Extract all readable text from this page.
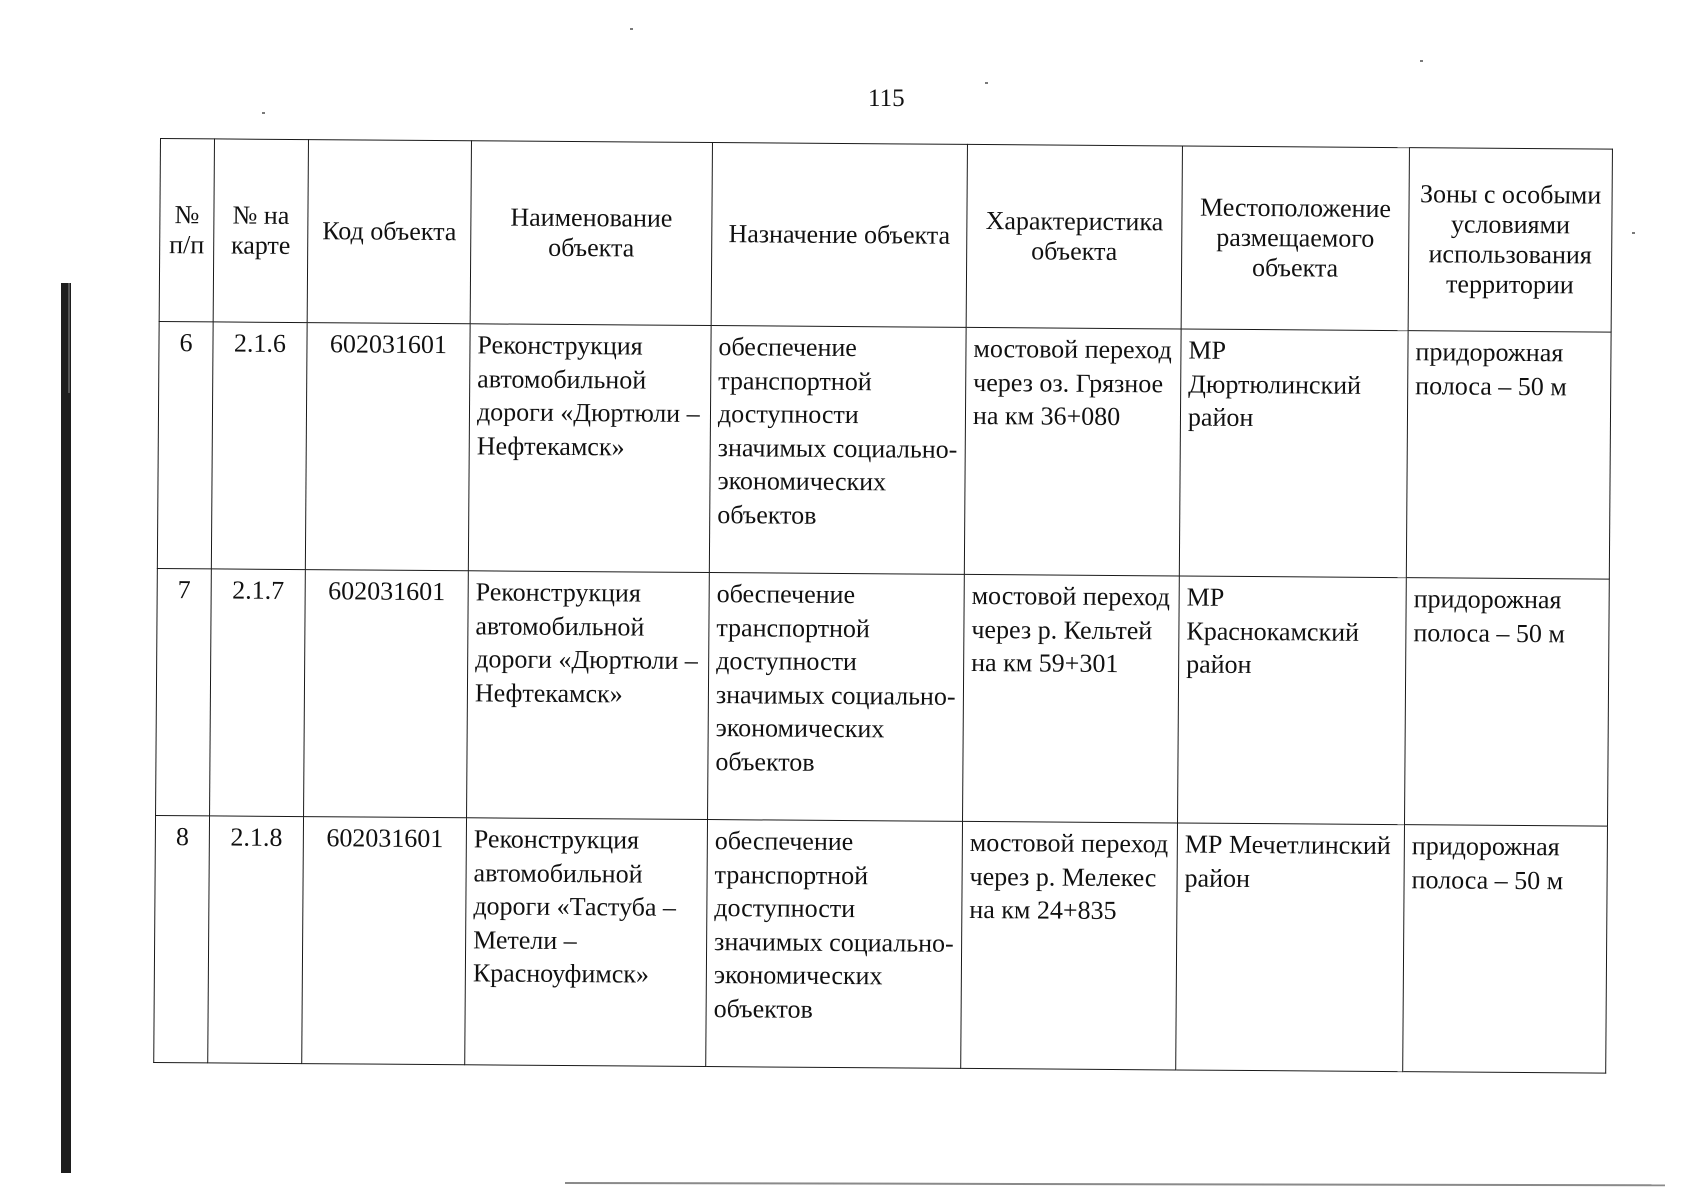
115
№ п/п	№ на карте	Код объекта	Наименование объекта	Назначение объекта	Характеристика объекта	Местоположение размещаемого объекта	Зоны с особыми условиями использования территории
6	2.1.6	602031601	Реконструкция автомобильной дороги «Дюртюли – Нефтекамск»	обеспечение транспортной доступности значимых социально-экономических объектов	мостовой переход через оз. Грязное на км 36+080	МР Дюртюлинский район	придорожная полоса – 50 м
7	2.1.7	602031601	Реконструкция автомобильной дороги «Дюртюли – Нефтекамск»	обеспечение транспортной доступности значимых социально-экономических объектов	мостовой переход через р. Кельтей на км 59+301	МР Краснокамский район	придорожная полоса – 50 м
8	2.1.8	602031601	Реконструкция автомобильной дороги «Тастуба – Метели – Красноуфимск»	обеспечение транспортной доступности значимых социально-экономических объектов	мостовой переход через р. Мелекес на км 24+835	МР Мечетлинский район	придорожная полоса – 50 м
